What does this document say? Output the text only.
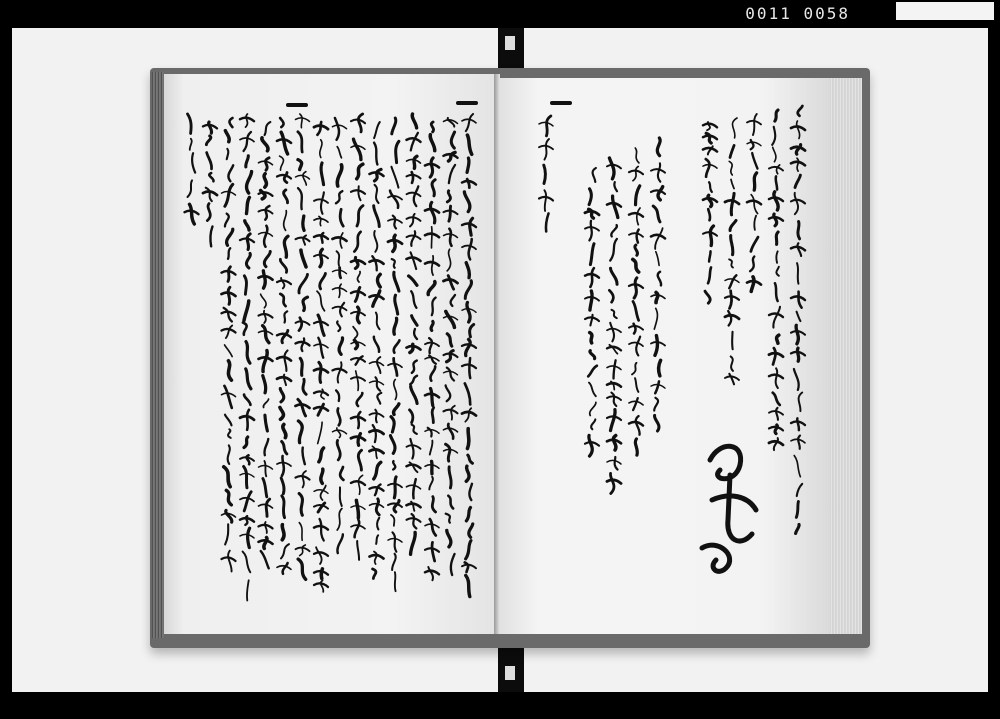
0011 0058
